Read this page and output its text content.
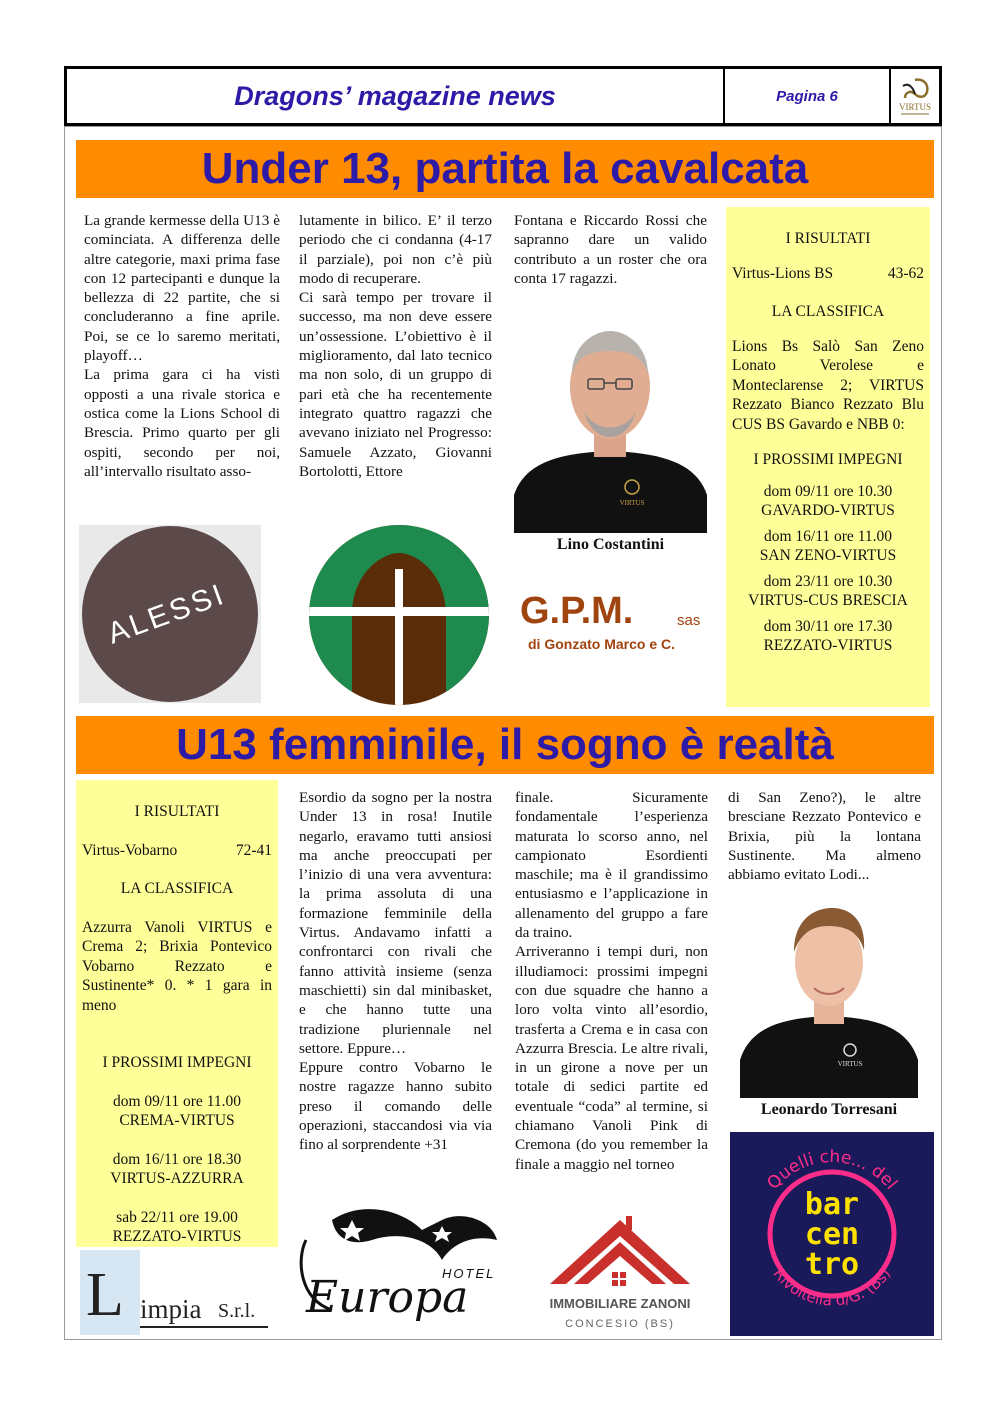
Dragons’ magazine news	Pagina 6
VIRTUS
Under 13, partita la cavalcata

La grande kermesse della U13 è cominciata. A differenza delle altre categorie, maxi prima fase con 12 partecipanti e dunque la bellezza di 22 partite, che si concluderanno a fine aprile. Poi, se ce lo saremo meritati, playoff…

La prima gara ci ha visti opposti a una rivale storica e ostica come la Lions School di Brescia. Primo quarto per gli ospiti, secondo per noi, all’intervallo risultato asso-

lutamente in bilico. E’ il terzo periodo che ci condanna (4-17 il parziale), poi non c’è più modo di recuperare.

Ci sarà tempo per trovare il successo, ma non deve essere un’ossessione. L’obiettivo è il miglioramento, dal lato tecnico ma non solo, di un gruppo di pari età che ha recentemente integrato quattro ragazzi che avevano iniziato nel Progresso: Samuele Azzato, Giovanni Bortolotti, Ettore

Fontana e Riccardo Rossi che sapranno dare un valido contributo a un roster che ora conta 17 ragazzi.

VIRTUS
Lino Costantini

I RISULTATI

Virtus-Lions BS	43-62

LA CLASSIFICA

Lions Bs Salò San Zeno Lonato Verolese e Monteclarense 2; VIRTUS Rezzato Bianco Rezzato Blu CUS BS Gavardo e NBB 0:

I PROSSIMI IMPEGNI

dom 09/11 ore 10.30

GAVARDO-VIRTUS

dom 16/11 ore 11.00

SAN ZENO-VIRTUS

dom 23/11 ore 10.30

VIRTUS-CUS BRESCIA

dom 30/11 ore 17.30

REZZATO-VIRTUS

ALESSI	G.P.M.	sas
di Gonzato Marco e C.
U13 femminile, il sogno è realtà

I RISULTATI

Virtus-Vobarno	72-41

LA CLASSIFICA

Azzurra Vanoli VIRTUS e Crema 2; Brixia Pontevico Vobarno Rezzato e Sustinente* 0. * 1 gara in meno

I PROSSIMI IMPEGNI

dom 09/11 ore 11.00

CREMA-VIRTUS

dom 16/11 ore 18.30

VIRTUS-AZZURRA

sab 22/11 ore 19.00

REZZATO-VIRTUS

Esordio da sogno per la nostra Under 13 in rosa! Inutile negarlo, eravamo tutti ansiosi ma anche preoccupati per l’inizio di una vera avventura: la prima assoluta di una formazione femminile della Virtus. Andavamo infatti a confrontarci con rivali che fanno attività insieme (senza maschietti) sin dal minibasket, e che hanno tutte una tradizione pluriennale nel settore. Eppure…

Eppure contro Vobarno le nostre ragazze hanno subito preso il comando delle operazioni, staccandosi via via fino al sorprendente +31

finale. Sicuramente fondamentale l’esperienza maturata lo scorso anno, nel campionato Esordienti maschile; ma è il grandissimo entusiasmo e l’applicazione in allenamento del gruppo a fare da traino.

Arriveranno i tempi duri, non illudiamoci: prossimi impegni con due squadre che hanno a loro volta vinto all’esordio, trasferta a Crema e in casa con Azzurra Brescia. Le altre rivali, in un girone a nove per un totale di sedici partite ed eventuale “coda” al termine, si chiamano Vanoli Pink di Cremona (do you remember la finale a maggio nel torneo

di San Zeno?), le altre bresciane Rezzato Pontevico e Brixia, più la lontana Sustinente. Ma almeno abbiamo evitato Lodi...

VIRTUS
Leonardo Torresani
L impia S.r.l.
HOTEL
Europa	IMMOBILIARE ZANONI
CONCESIO (BS)
Quelli che... del
Rivoltella d/G. (Bs)
bar
cen
tro
